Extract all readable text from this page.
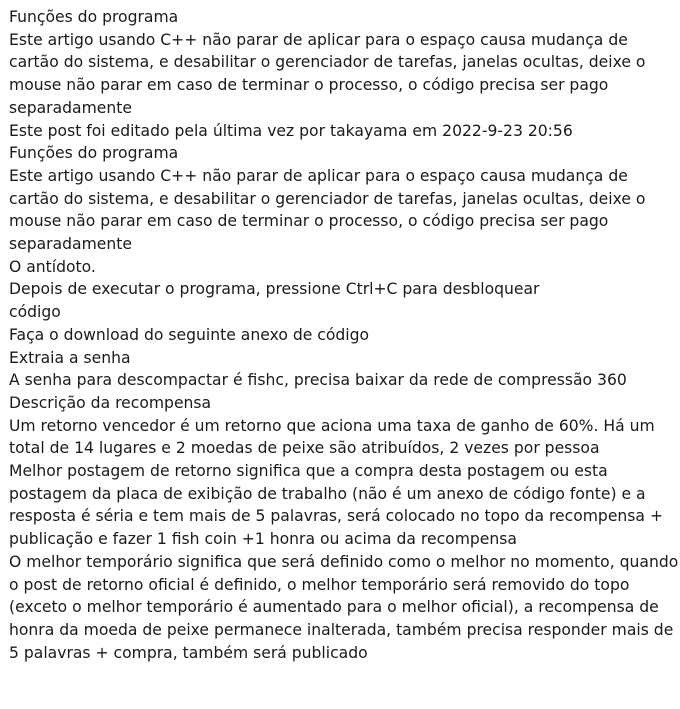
Funções do programa

Este artigo usando C++ não parar de aplicar para o espaço causa mudança de cartão do sistema, e desabilitar o gerenciador de tarefas, janelas ocultas, deixe o mouse não parar em caso de terminar o processo, o código precisa ser pago separadamente

Este post foi editado pela última vez por takayama em 2022-9-23 20:56

Funções do programa

Este artigo usando C++ não parar de aplicar para o espaço causa mudança de cartão do sistema, e desabilitar o gerenciador de tarefas, janelas ocultas, deixe o mouse não parar em caso de terminar o processo, o código precisa ser pago separadamente

O antídoto.

Depois de executar o programa, pressione Ctrl+C para desbloquear

código

Faça o download do seguinte anexo de código

Extraia a senha

A senha para descompactar é fishc, precisa baixar da rede de compressão 360

Descrição da recompensa

Um retorno vencedor é um retorno que aciona uma taxa de ganho de 60%. Há um total de 14 lugares e 2 moedas de peixe são atribuídos, 2 vezes por pessoa

Melhor postagem de retorno significa que a compra desta postagem ou esta postagem da placa de exibição de trabalho (não é um anexo de código fonte) e a resposta é séria e tem mais de 5 palavras, será colocado no topo da recompensa + publicação e fazer 1 fish coin +1 honra ou acima da recompensa

O melhor temporário significa que será definido como o melhor no momento, quando o post de retorno oficial é definido, o melhor temporário será removido do topo (exceto o melhor temporário é aumentado para o melhor oficial), a recompensa de honra da moeda de peixe permanece inalterada, também precisa responder mais de 5 palavras + compra, também será publicado
